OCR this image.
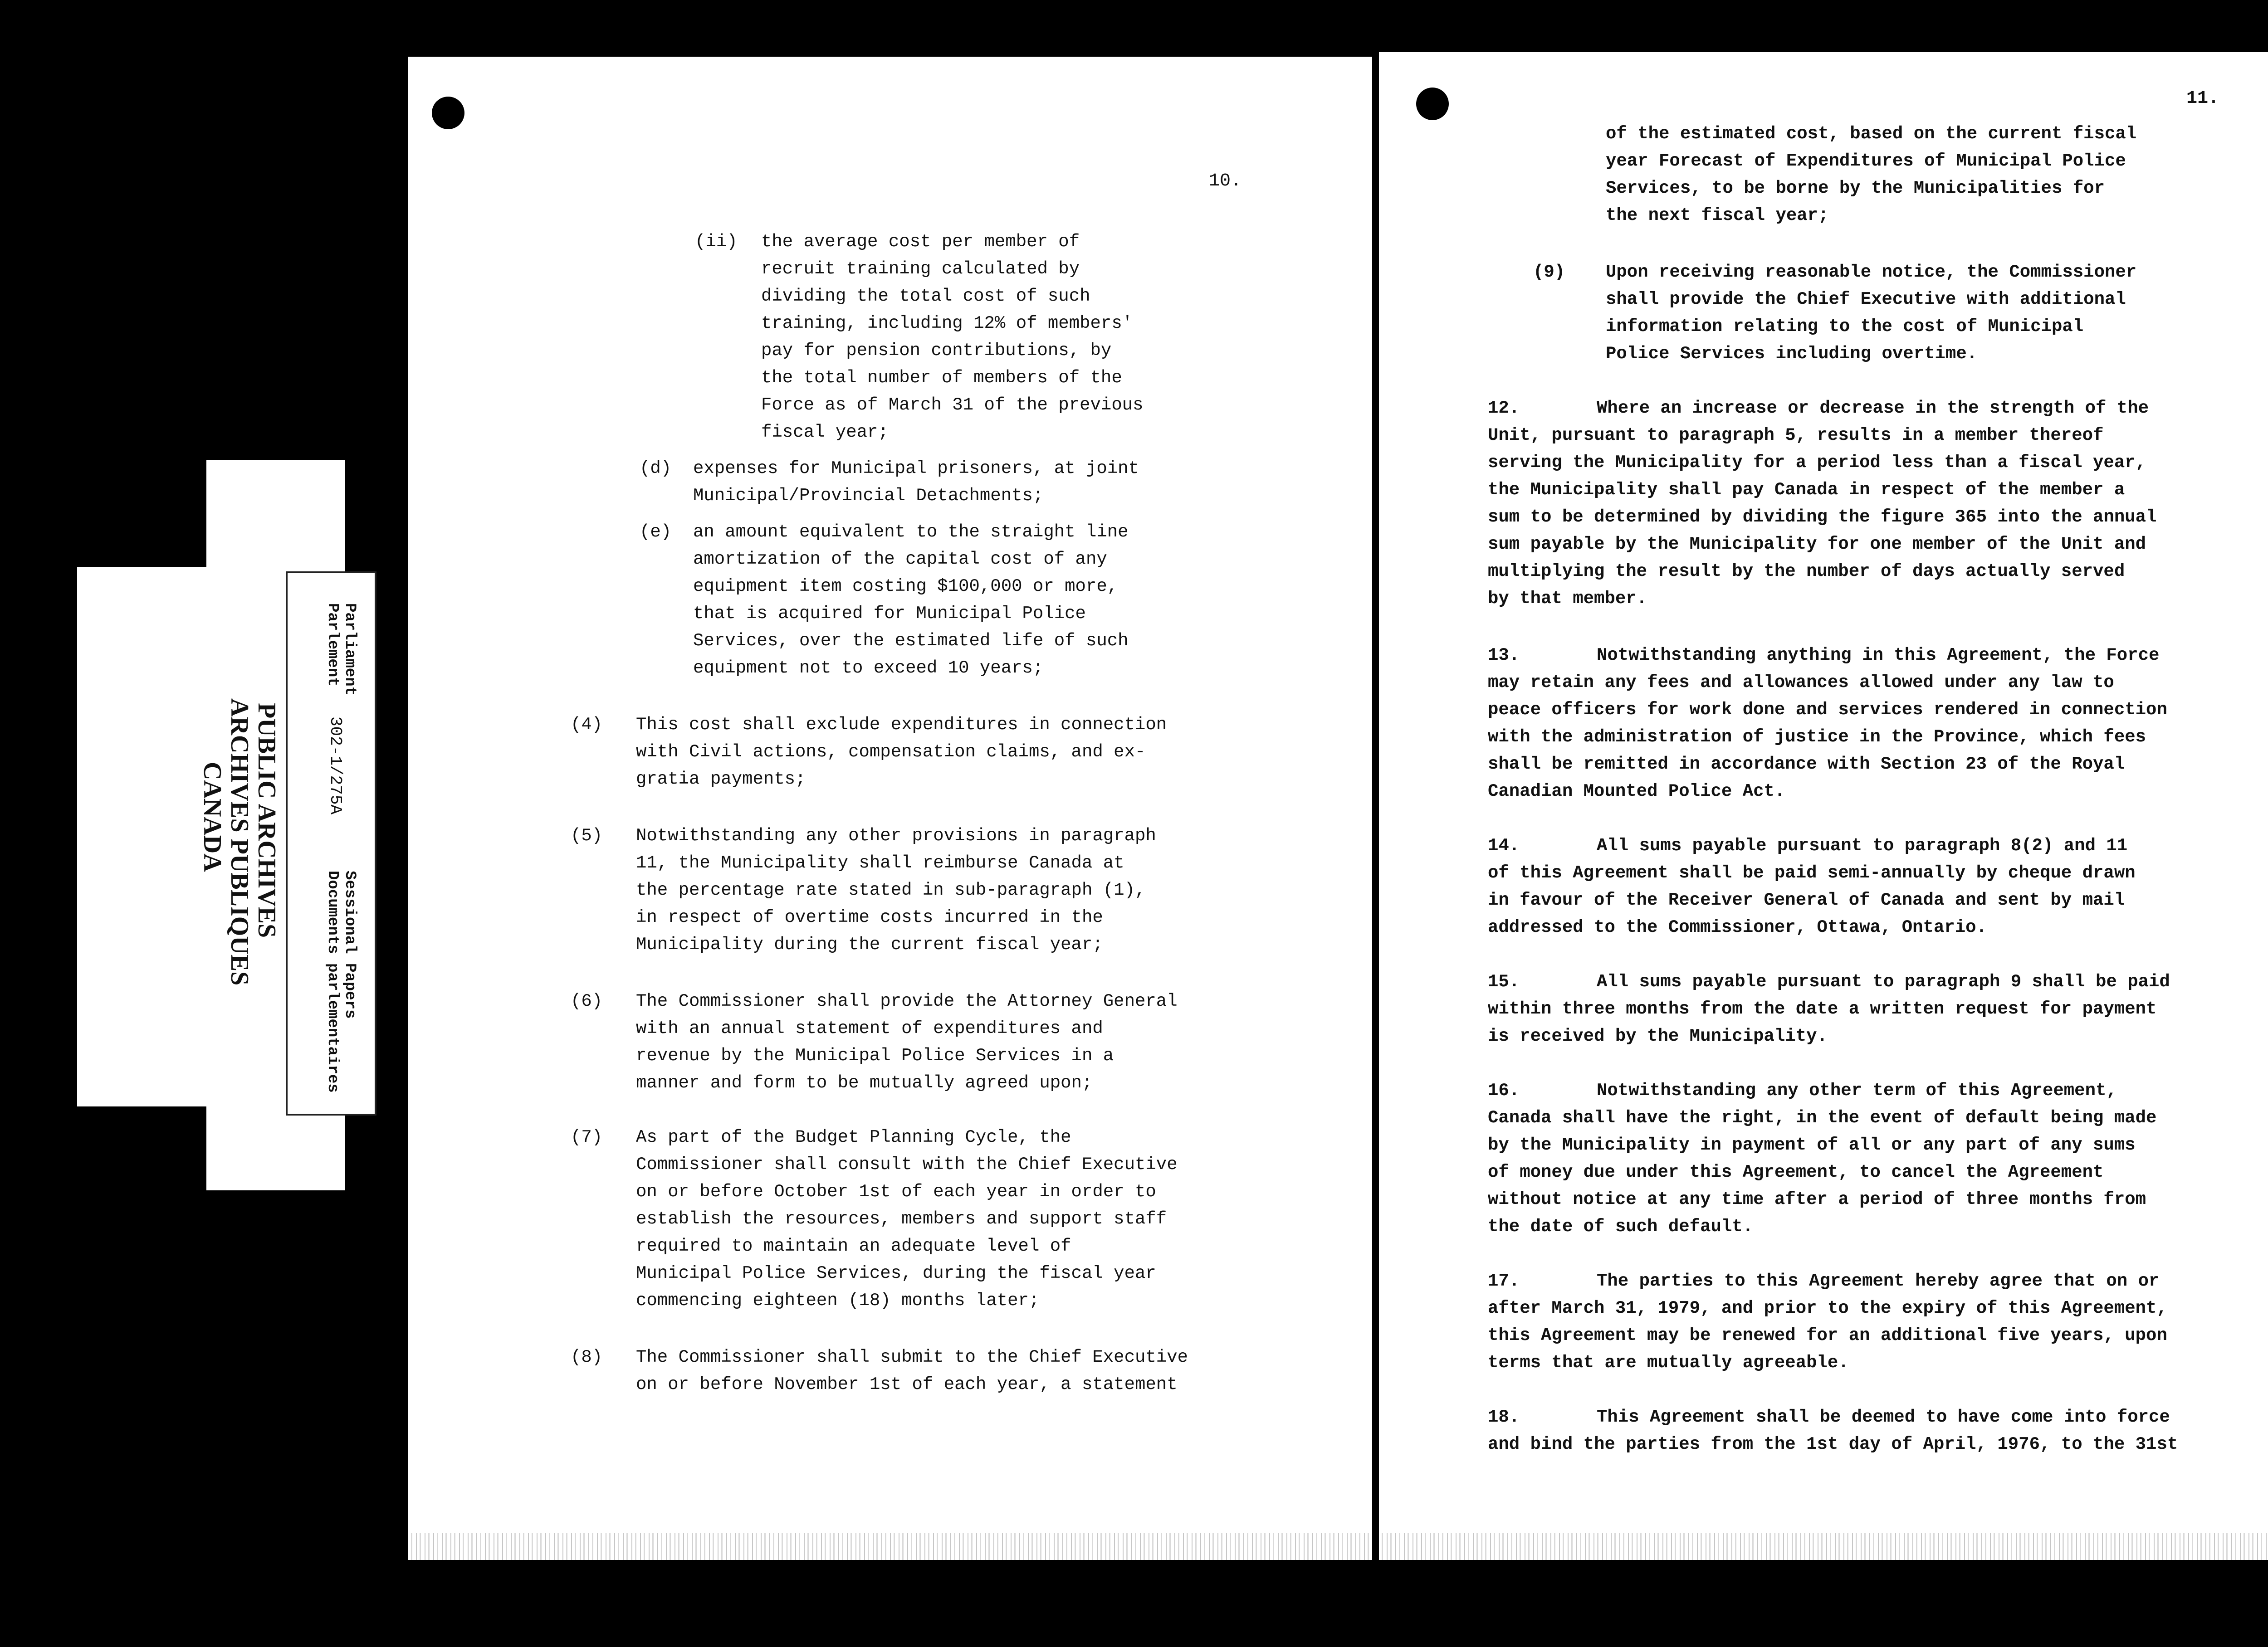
PUBLIC ARCHIVES
ARCHIVES PUBLIQUES
CANADA
Parliament
Parlement
302-1/275A
Sessional Papers
Documents parlementaires
10.
(ii) the average cost per member of
recruit training calculated by
dividing the total cost of such
training, including 12% of members'
pay for pension contributions, by
the total number of members of the
Force as of March 31 of the previous
fiscal year;
(d) expenses for Municipal prisoners, at joint
Municipal/Provincial Detachments;
(e) an amount equivalent to the straight line
amortization of the capital cost of any
equipment item costing $100,000 or more,
that is acquired for Municipal Police
Services, over the estimated life of such
equipment not to exceed 10 years;
(4) This cost shall exclude expenditures in connection
with Civil actions, compensation claims, and ex-
gratia payments;
(5) Notwithstanding any other provisions in paragraph
11, the Municipality shall reimburse Canada at
the percentage rate stated in sub-paragraph (1),
in respect of overtime costs incurred in the
Municipality during the current fiscal year;
(6) The Commissioner shall provide the Attorney General
with an annual statement of expenditures and
revenue by the Municipal Police Services in a
manner and form to be mutually agreed upon;
(7) As part of the Budget Planning Cycle, the
Commissioner shall consult with the Chief Executive
on or before October 1st of each year in order to
establish the resources, members and support staff
required to maintain an adequate level of
Municipal Police Services, during the fiscal year
commencing eighteen (18) months later;
(8) The Commissioner shall submit to the Chief Executive
on or before November 1st of each year, a statement
11.
of the estimated cost, based on the current fiscal
year Forecast of Expenditures of Municipal Police
Services, to be borne by the Municipalities for
the next fiscal year;
(9) Upon receiving reasonable notice, the Commissioner
shall provide the Chief Executive with additional
information relating to the cost of Municipal
Police Services including overtime.
12.	Where an increase or decrease in the strength of the
Unit, pursuant to paragraph 5, results in a member thereof
serving the Municipality for a period less than a fiscal year,
the Municipality shall pay Canada in respect of the member a
sum to be determined by dividing the figure 365 into the annual
sum payable by the Municipality for one member of the Unit and
multiplying the result by the number of days actually served
by that member.
13.	Notwithstanding anything in this Agreement, the Force
may retain any fees and allowances allowed under any law to
peace officers for work done and services rendered in connection
with the administration of justice in the Province, which fees
shall be remitted in accordance with Section 23 of the Royal
Canadian Mounted Police Act.
14.	All sums payable pursuant to paragraph 8(2) and 11
of this Agreement shall be paid semi-annually by cheque drawn
in favour of the Receiver General of Canada and sent by mail
addressed to the Commissioner, Ottawa, Ontario.
15.	All sums payable pursuant to paragraph 9 shall be paid
within three months from the date a written request for payment
is received by the Municipality.
16.	Notwithstanding any other term of this Agreement,
Canada shall have the right, in the event of default being made
by the Municipality in payment of all or any part of any sums
of money due under this Agreement, to cancel the Agreement
without notice at any time after a period of three months from
the date of such default.
17.	The parties to this Agreement hereby agree that on or
after March 31, 1979, and prior to the expiry of this Agreement,
this Agreement may be renewed for an additional five years, upon
terms that are mutually agreeable.
18.	This Agreement shall be deemed to have come into force
and bind the parties from the 1st day of April, 1976, to the 31st
